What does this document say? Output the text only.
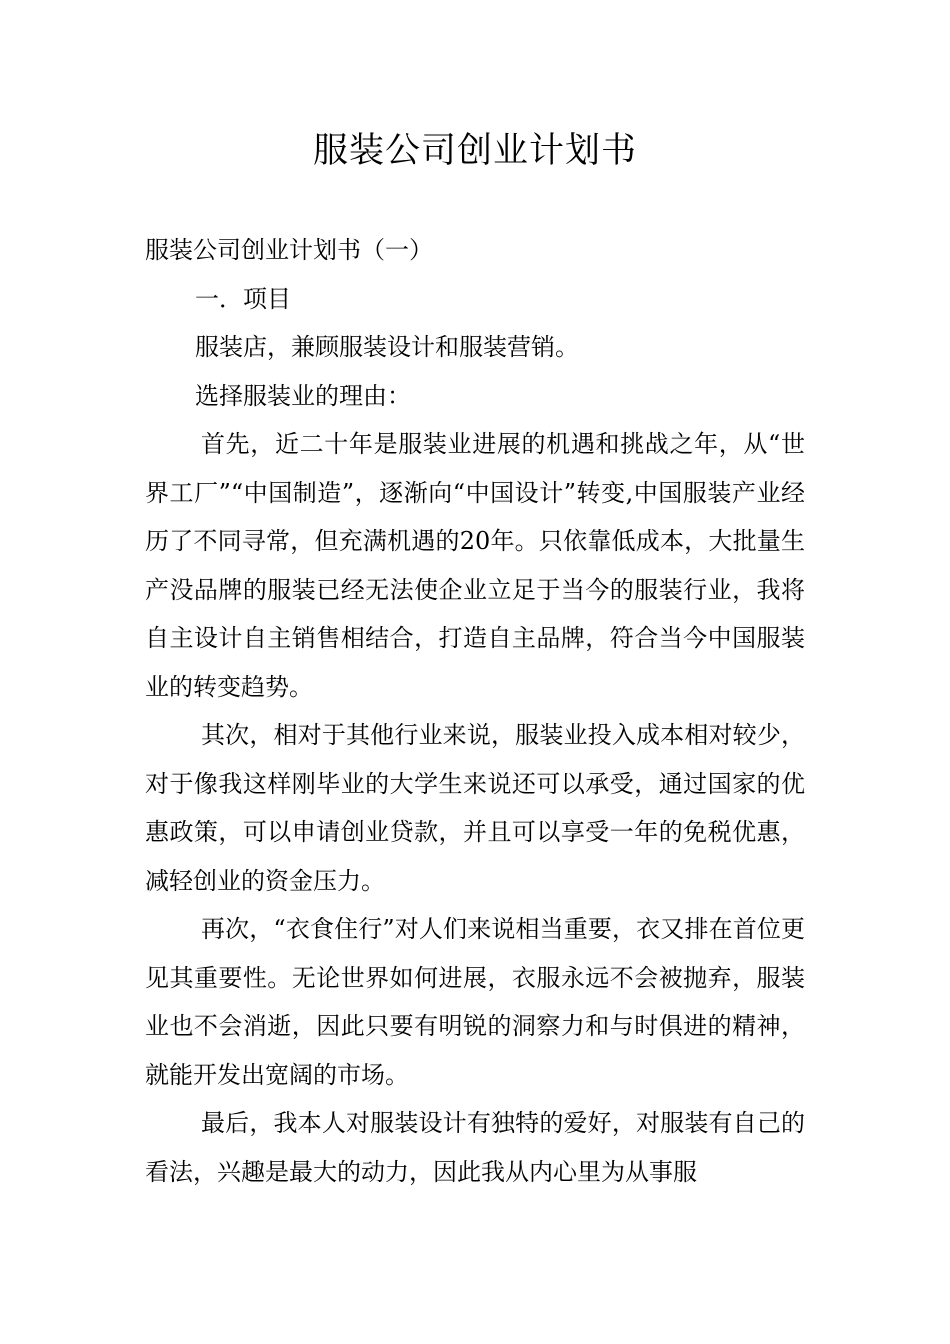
服装公司创业计划书

服装公司创业计划书（一）

一．项目

服装店，兼顾服装设计和服装营销。

选择服装业的理由：

首先，近二十年是服装业进展的机遇和挑战之年，从“世界工厂”“中国制造”，逐渐向“中国设计”转变,中国服装产业经历了不同寻常，但充满机遇的20年。只依靠低成本，大批量生产没品牌的服装已经无法使企业立足于当今的服装行业，我将自主设计自主销售相结合，打造自主品牌，符合当今中国服装业的转变趋势。

其次，相对于其他行业来说，服装业投入成本相对较少，对于像我这样刚毕业的大学生来说还可以承受，通过国家的优惠政策，可以申请创业贷款，并且可以享受一年的免税优惠，减轻创业的资金压力。

再次，“衣食住行”对人们来说相当重要，衣又排在首位更见其重要性。无论世界如何进展，衣服永远不会被抛弃，服装业也不会消逝，因此只要有明锐的洞察力和与时俱进的精神，就能开发出宽阔的市场。

最后，我本人对服装设计有独特的爱好，对服装有自己的看法，兴趣是最大的动力，因此我从内心里为从事服
